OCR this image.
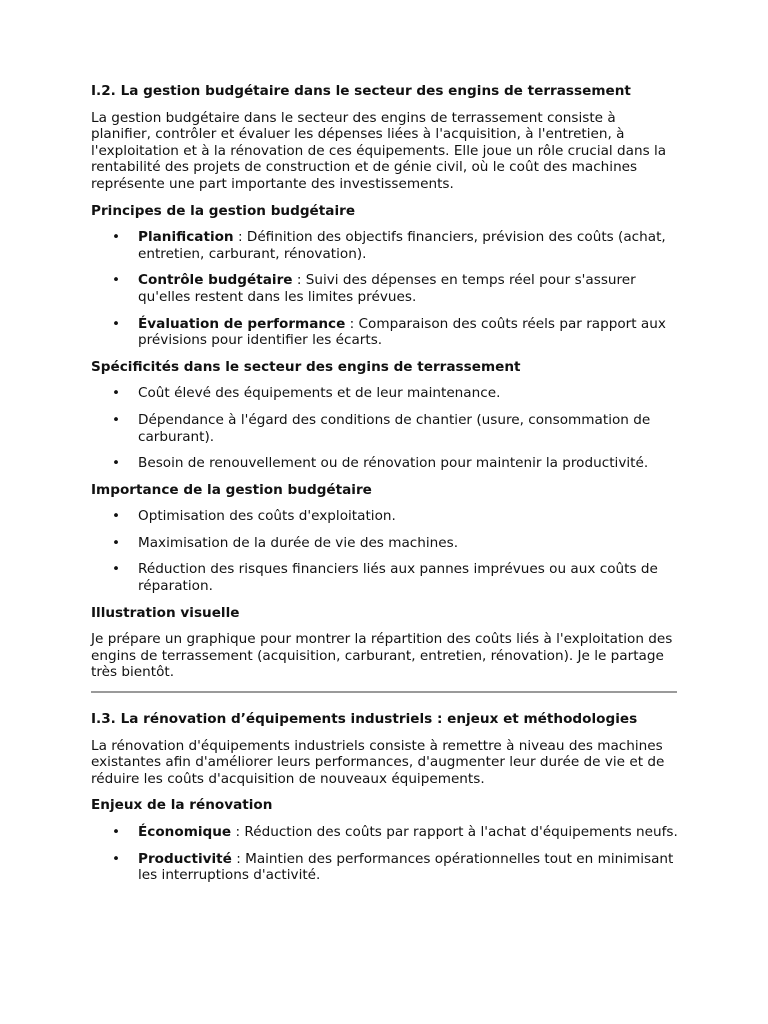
I.2. La gestion budgétaire dans le secteur des engins de terrassement

La gestion budgétaire dans le secteur des engins de terrassement consiste à planifier, contrôler et évaluer les dépenses liées à l'acquisition, à l'entretien, à l'exploitation et à la rénovation de ces équipements. Elle joue un rôle crucial dans la rentabilité des projets de construction et de génie civil, où le coût des machines représente une part importante des investissements.

Principes de la gestion budgétaire
• Planification : Définition des objectifs financiers, prévision des coûts (achat, entretien, carburant, rénovation).
• Contrôle budgétaire : Suivi des dépenses en temps réel pour s'assurer qu'elles restent dans les limites prévues.
• Évaluation de performance : Comparaison des coûts réels par rapport aux prévisions pour identifier les écarts.
Spécificités dans le secteur des engins de terrassement
• Coût élevé des équipements et de leur maintenance.
• Dépendance à l'égard des conditions de chantier (usure, consommation de carburant).
• Besoin de renouvellement ou de rénovation pour maintenir la productivité.
Importance de la gestion budgétaire
• Optimisation des coûts d'exploitation.
• Maximisation de la durée de vie des machines.
• Réduction des risques financiers liés aux pannes imprévues ou aux coûts de réparation.
Illustration visuelle

Je prépare un graphique pour montrer la répartition des coûts liés à l'exploitation des engins de terrassement (acquisition, carburant, entretien, rénovation). Je le partage très bientôt.

I.3. La rénovation d’équipements industriels : enjeux et méthodologies

La rénovation d'équipements industriels consiste à remettre à niveau des machines existantes afin d'améliorer leurs performances, d'augmenter leur durée de vie et de réduire les coûts d'acquisition de nouveaux équipements.

Enjeux de la rénovation
• Économique : Réduction des coûts par rapport à l'achat d'équipements neufs.
• Productivité : Maintien des performances opérationnelles tout en minimisant les interruptions d'activité.
